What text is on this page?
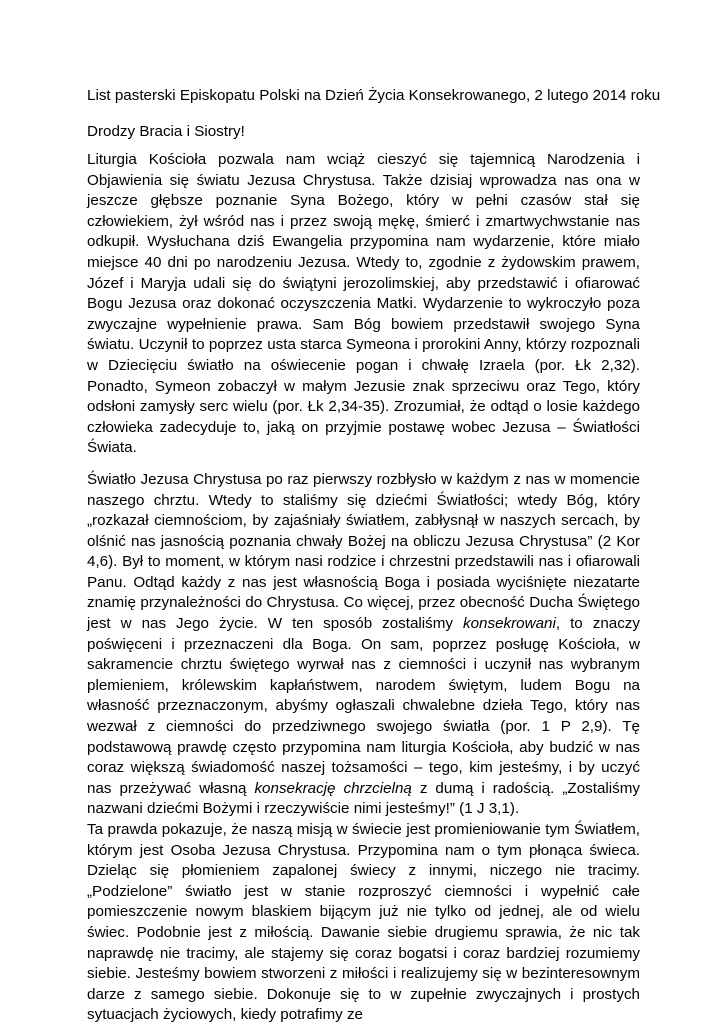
List pasterski Episkopatu Polski na Dzień Życia Konsekrowanego, 2 lutego 2014 roku
Drodzy Bracia i Siostry!

Liturgia Kościoła pozwala nam wciąż cieszyć się tajemnicą Narodzenia i Objawienia się światu Jezusa Chrystusa. Także dzisiaj wprowadza nas ona w jeszcze głębsze poznanie Syna Bożego, który w pełni czasów stał się człowiekiem, żył wśród nas i przez swoją mękę, śmierć i zmartwychwstanie nas odkupił. Wysłuchana dziś Ewangelia przypomina nam wydarzenie, które miało miejsce 40 dni po narodzeniu Jezusa. Wtedy to, zgodnie z żydowskim prawem, Józef i Maryja udali się do świątyni jerozolimskiej, aby przedstawić i ofiarować Bogu Jezusa oraz dokonać oczyszczenia Matki. Wydarzenie to wykroczyło poza zwyczajne wypełnienie prawa. Sam Bóg bowiem przedstawił swojego Syna światu. Uczynił to poprzez usta starca Symeona i prorokini Anny, którzy rozpoznali w Dziecięciu światło na oświecenie pogan i chwałę Izraela (por. Łk 2,32). Ponadto, Symeon zobaczył w małym Jezusie znak sprzeciwu oraz Tego, który odsłoni zamysły serc wielu (por. Łk 2,34-35). Zrozumiał, że odtąd o losie każdego człowieka zadecyduje to, jaką on przyjmie postawę wobec Jezusa – Światłości Świata.

Światło Jezusa Chrystusa po raz pierwszy rozbłysło w każdym z nas w momencie naszego chrztu. Wtedy to staliśmy się dziećmi Światłości; wtedy Bóg, który „rozkazał ciemnościom, by zajaśniały światłem, zabłysnął w naszych sercach, by olśnić nas jasnością poznania chwały Bożej na obliczu Jezusa Chrystusa” (2 Kor 4,6). Był to moment, w którym nasi rodzice i chrzestni przedstawili nas i ofiarowali Panu. Odtąd każdy z nas jest własnością Boga i posiada wyciśnięte niezatarte znamię przynależności do Chrystusa. Co więcej, przez obecność Ducha Świętego jest w nas Jego życie. W ten sposób zostaliśmy konsekrowani, to znaczy poświęceni i przeznaczeni dla Boga. On sam, poprzez posługę Kościoła, w sakramencie chrztu świętego wyrwał nas z ciemności i uczynił nas wybranym plemieniem, królewskim kapłaństwem, narodem świętym, ludem Bogu na własność przeznaczonym, abyśmy ogłaszali chwalebne dzieła Tego, który nas wezwał z ciemności do przedziwnego swojego światła (por. 1 P 2,9). Tę podstawową prawdę często przypomina nam liturgia Kościoła, aby budzić w nas coraz większą świadomość naszej tożsamości – tego, kim jesteśmy, i by uczyć nas przeżywać własną konsekrację chrzcielną z dumą i radością. „Zostaliśmy nazwani dziećmi Bożymi i rzeczywiście nimi jesteśmy!” (1 J 3,1).

Ta prawda pokazuje, że naszą misją w świecie jest promieniowanie tym Światłem, którym jest Osoba Jezusa Chrystusa. Przypomina nam o tym płonąca świeca. Dzieląc się płomieniem zapalonej świecy z innymi, niczego nie tracimy. „Podzielone” światło jest w stanie rozproszyć ciemności i wypełnić całe pomieszczenie nowym blaskiem bijącym już nie tylko od jednej, ale od wielu świec. Podobnie jest z miłością. Dawanie siebie drugiemu sprawia, że nic tak naprawdę nie tracimy, ale stajemy się coraz bogatsi i coraz bardziej rozumiemy siebie. Jesteśmy bowiem stworzeni z miłości i realizujemy się w bezinteresownym darze z samego siebie. Dokonuje się to w zupełnie zwyczajnych i prostych sytuacjach życiowych, kiedy potrafimy ze
